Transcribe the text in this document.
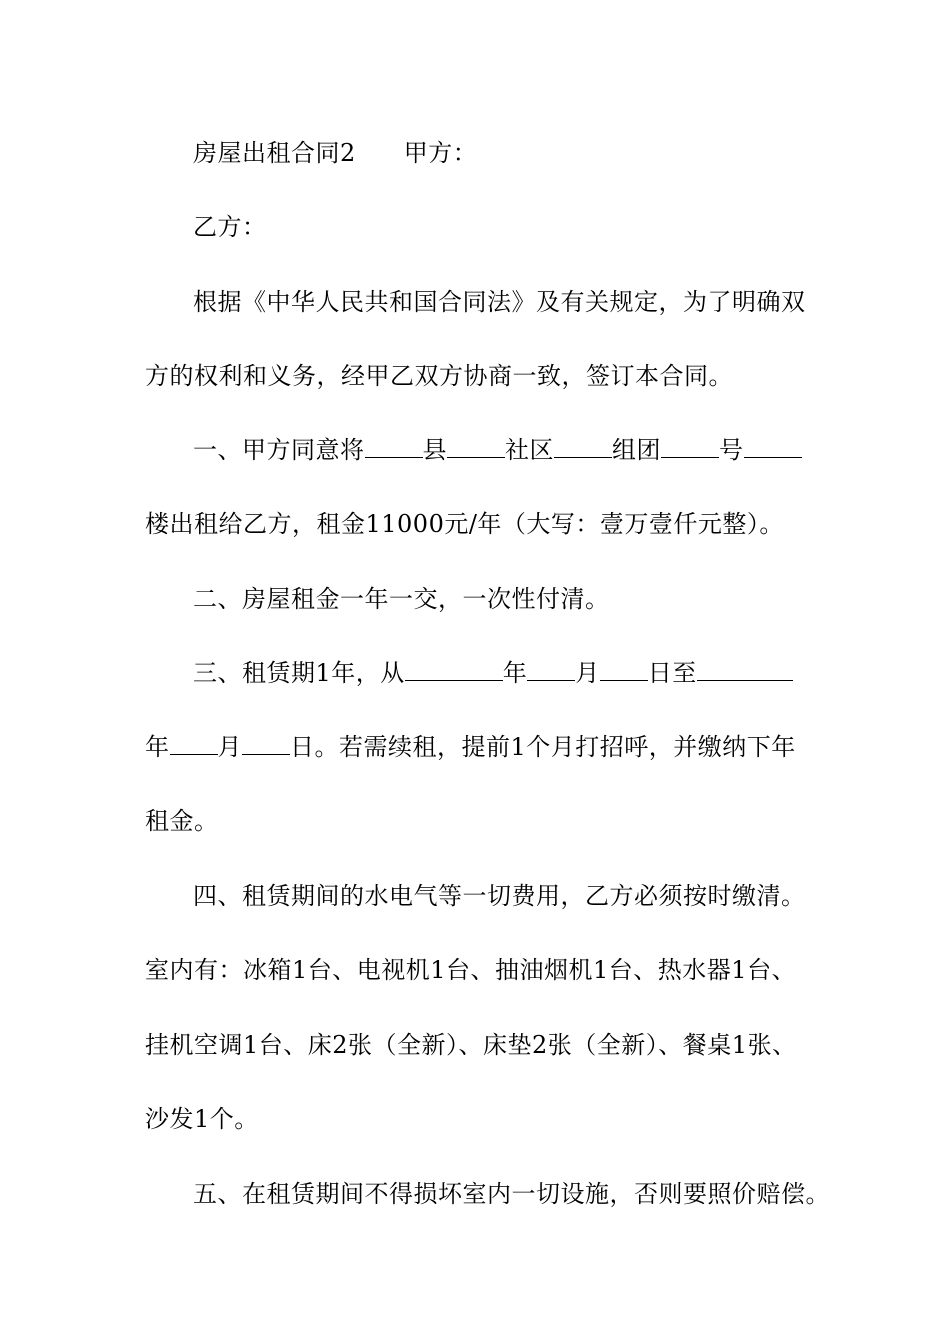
房屋出租合同2 甲方：
乙方：
根据《中华人民共和国合同法》及有关规定，为了明确双
方的权利和义务，经甲乙双方协商一致，签订本合同。
一、甲方同意将 县 社区 组团 号
楼出租给乙方，租金11000元/年（大写：壹万壹仟元整）。
二、房屋租金一年一交，一次性付清。
三、租赁期1年，从	年 月 日至
年 月 日。若需续租，提前1个月打招呼，并缴纳下年
租金。
四、租赁期间的水电气等一切费用，乙方必须按时缴清。
室内有：冰箱1台、电视机1台、抽油烟机1台、热水器1台、
挂机空调1台、床2张（全新）、床垫2张（全新）、餐桌1张、
沙发1个。
五、在租赁期间不得损坏室内一切设施，否则要照价赔偿。
